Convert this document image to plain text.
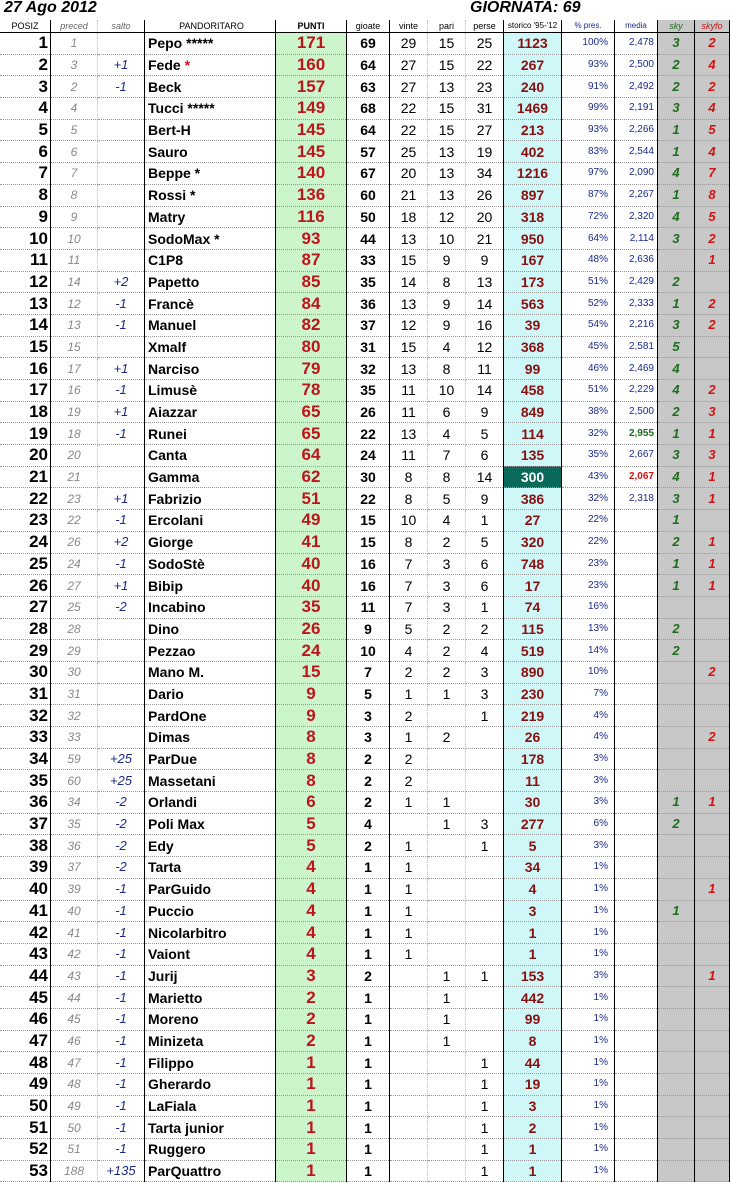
27 Ago 2012	GIORNATA: 69
POSIZ	preced	salto	PANDORITARO	PUNTI	gioate	vinte	pari	perse	storico '95-'12	% pres.	media	sky	skyfo
1	1		Pepo *****	171	69	29	15	25	1123	100%	2,478	3	2
2	3	+1	Fede *	160	64	27	15	22	267	93%	2,500	2	4
3	2	-1	Beck	157	63	27	13	23	240	91%	2,492	2	2
4	4		Tucci *****	149	68	22	15	31	1469	99%	2,191	3	4
5	5		Bert-H	145	64	22	15	27	213	93%	2,266	1	5
6	6		Sauro	145	57	25	13	19	402	83%	2,544	1	4
7	7		Beppe *	140	67	20	13	34	1216	97%	2,090	4	7
8	8		Rossi *	136	60	21	13	26	897	87%	2,267	1	8
9	9		Matry	116	50	18	12	20	318	72%	2,320	4	5
10	10		SodoMax *	93	44	13	10	21	950	64%	2,114	3	2
11	11		C1P8	87	33	15	9	9	167	48%	2,636		1
12	14	+2	Papetto	85	35	14	8	13	173	51%	2,429	2	
13	12	-1	Francè	84	36	13	9	14	563	52%	2,333	1	2
14	13	-1	Manuel	82	37	12	9	16	39	54%	2,216	3	2
15	15		Xmalf	80	31	15	4	12	368	45%	2,581	5	
16	17	+1	Narciso	79	32	13	8	11	99	46%	2,469	4	
17	16	-1	Limusè	78	35	11	10	14	458	51%	2,229	4	2
18	19	+1	Aiazzar	65	26	11	6	9	849	38%	2,500	2	3
19	18	-1	Runei	65	22	13	4	5	114	32%	2,955	1	1
20	20		Canta	64	24	11	7	6	135	35%	2,667	3	3
21	21		Gamma	62	30	8	8	14	300	43%	2,067	4	1
22	23	+1	Fabrizio	51	22	8	5	9	386	32%	2,318	3	1
23	22	-1	Ercolani	49	15	10	4	1	27	22%		1	
24	26	+2	Giorge	41	15	8	2	5	320	22%		2	1
25	24	-1	SodoStè	40	16	7	3	6	748	23%		1	1
26	27	+1	Bibip	40	16	7	3	6	17	23%		1	1
27	25	-2	Incabino	35	11	7	3	1	74	16%			
28	28		Dino	26	9	5	2	2	115	13%		2	
29	29		Pezzao	24	10	4	2	4	519	14%		2	
30	30		Mano M.	15	7	2	2	3	890	10%			2
31	31		Dario	9	5	1	1	3	230	7%			
32	32		PardOne	9	3	2		1	219	4%			
33	33		Dimas	8	3	1	2		26	4%			2
34	59	+25	ParDue	8	2	2			178	3%			
35	60	+25	Massetani	8	2	2			11	3%			
36	34	-2	Orlandi	6	2	1	1		30	3%		1	1
37	35	-2	Poli Max	5	4		1	3	277	6%		2	
38	36	-2	Edy	5	2	1		1	5	3%			
39	37	-2	Tarta	4	1	1			34	1%			
40	39	-1	ParGuido	4	1	1			4	1%			1
41	40	-1	Puccio	4	1	1			3	1%		1	
42	41	-1	Nicolarbitro	4	1	1			1	1%			
43	42	-1	Vaiont	4	1	1			1	1%			
44	43	-1	Jurij	3	2		1	1	153	3%			1
45	44	-1	Marietto	2	1		1		442	1%			
46	45	-1	Moreno	2	1		1		99	1%			
47	46	-1	Minizeta	2	1		1		8	1%			
48	47	-1	Filippo	1	1			1	44	1%			
49	48	-1	Gherardo	1	1			1	19	1%			
50	49	-1	LaFiala	1	1			1	3	1%			
51	50	-1	Tarta junior	1	1			1	2	1%			
52	51	-1	Ruggero	1	1			1	1	1%			
53	188	+135	ParQuattro	1	1			1	1	1%			
